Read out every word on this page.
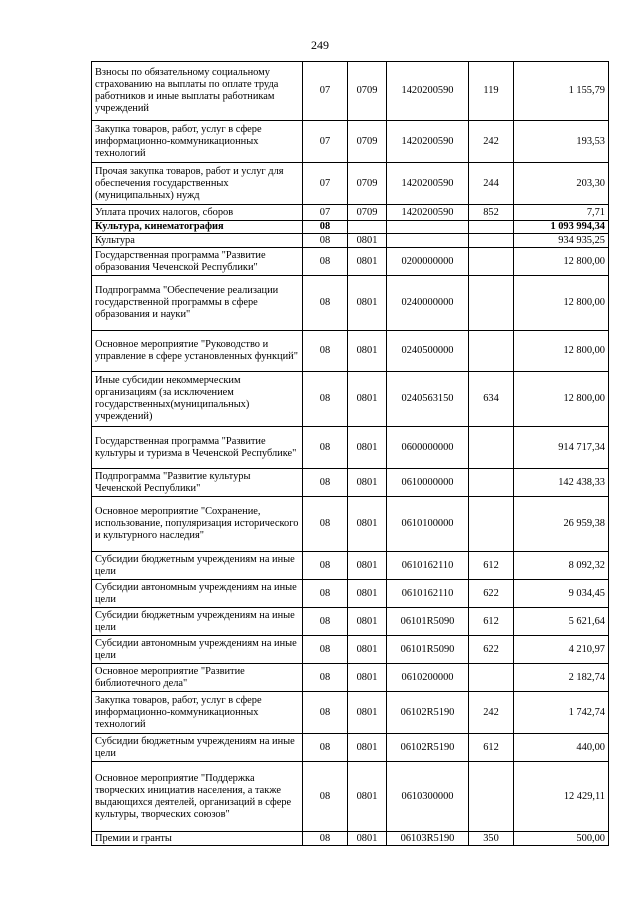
249
Взносы по обязательному социальному страхованию на выплаты по оплате труда работников и иные выплаты работникам учреждений	07	0709	1420200590	119	1 155,79
Закупка товаров, работ, услуг в сфере информационно-коммуникационных технологий	07	0709	1420200590	242	193,53
Прочая закупка товаров, работ и услуг для обеспечения государственных (муниципальных) нужд	07	0709	1420200590	244	203,30
Уплата прочих налогов, сборов	07	0709	1420200590	852	7,71
Культура, кинематография	08				1 093 994,34
Культура	08	0801			934 935,25
Государственная программа "Развитие образования Чеченской Республики"	08	0801	0200000000		12 800,00
Подпрограмма "Обеспечение реализации государственной программы в сфере образования и науки"	08	0801	0240000000		12 800,00
Основное мероприятие "Руководство и управление в сфере установленных функций"	08	0801	0240500000		12 800,00
Иные субсидии некоммерческим организациям (за исключением государственных(муниципальных) учреждений)	08	0801	0240563150	634	12 800,00
Государственная программа "Развитие культуры и туризма в Чеченской Республике"	08	0801	0600000000		914 717,34
Подпрограмма "Развитие культуры Чеченской Республики"	08	0801	0610000000		142 438,33
Основное мероприятие "Сохранение, использование, популяризация исторического и культурного наследия"	08	0801	0610100000		26 959,38
Субсидии бюджетным учреждениям на иные цели	08	0801	0610162110	612	8 092,32
Субсидии автономным учреждениям на иные цели	08	0801	0610162110	622	9 034,45
Субсидии бюджетным учреждениям на иные цели	08	0801	06101R5090	612	5 621,64
Субсидии автономным учреждениям на иные цели	08	0801	06101R5090	622	4 210,97
Основное мероприятие "Развитие библиотечного дела"	08	0801	0610200000		2 182,74
Закупка товаров, работ, услуг в сфере информационно-коммуникационных технологий	08	0801	06102R5190	242	1 742,74
Субсидии бюджетным учреждениям на иные цели	08	0801	06102R5190	612	440,00
Основное мероприятие "Поддержка творческих инициатив населения, а также выдающихся деятелей, организаций в сфере культуры, творческих союзов"	08	0801	0610300000		12 429,11
Премии и гранты	08	0801	06103R5190	350	500,00
